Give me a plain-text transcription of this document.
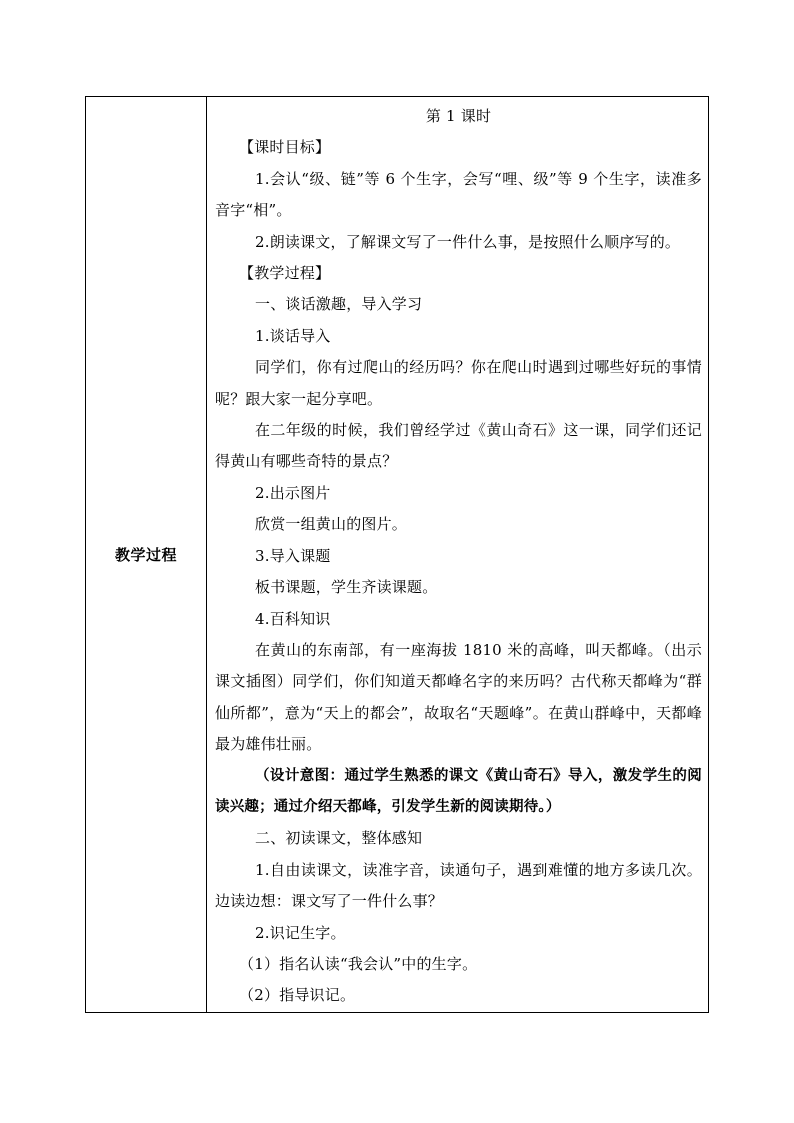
教学过程	

第 1 课时

【课时目标】

1.会认“级、链”等 6 个生字，会写“哩、级”等 9 个生字，读准多音字“相”。

2.朗读课文，了解课文写了一件什么事，是按照什么顺序写的。

【教学过程】

一、谈话激趣，导入学习

1.谈话导入

同学们，你有过爬山的经历吗？你在爬山时遇到过哪些好玩的事情呢？跟大家一起分享吧。

在二年级的时候，我们曾经学过《黄山奇石》这一课，同学们还记得黄山有哪些奇特的景点？

2.出示图片

欣赏一组黄山的图片。

3.导入课题

板书课题，学生齐读课题。

4.百科知识

在黄山的东南部，有一座海拔 1810 米的高峰，叫天都峰。（出示课文插图）同学们，你们知道天都峰名字的来历吗？古代称天都峰为“群仙所都”，意为“天上的都会”，故取名“天题峰”。在黄山群峰中，天都峰最为雄伟壮丽。

（设计意图：通过学生熟悉的课文《黄山奇石》导入，激发学生的阅读兴趣；通过介绍天都峰，引发学生新的阅读期待。）

二、初读课文，整体感知

1.自由读课文，读准字音，读通句子，遇到难懂的地方多读几次。边读边想：课文写了一件什么事？

2.识记生字。

（1）指名认读“我会认”中的生字。

（2）指导识记。
